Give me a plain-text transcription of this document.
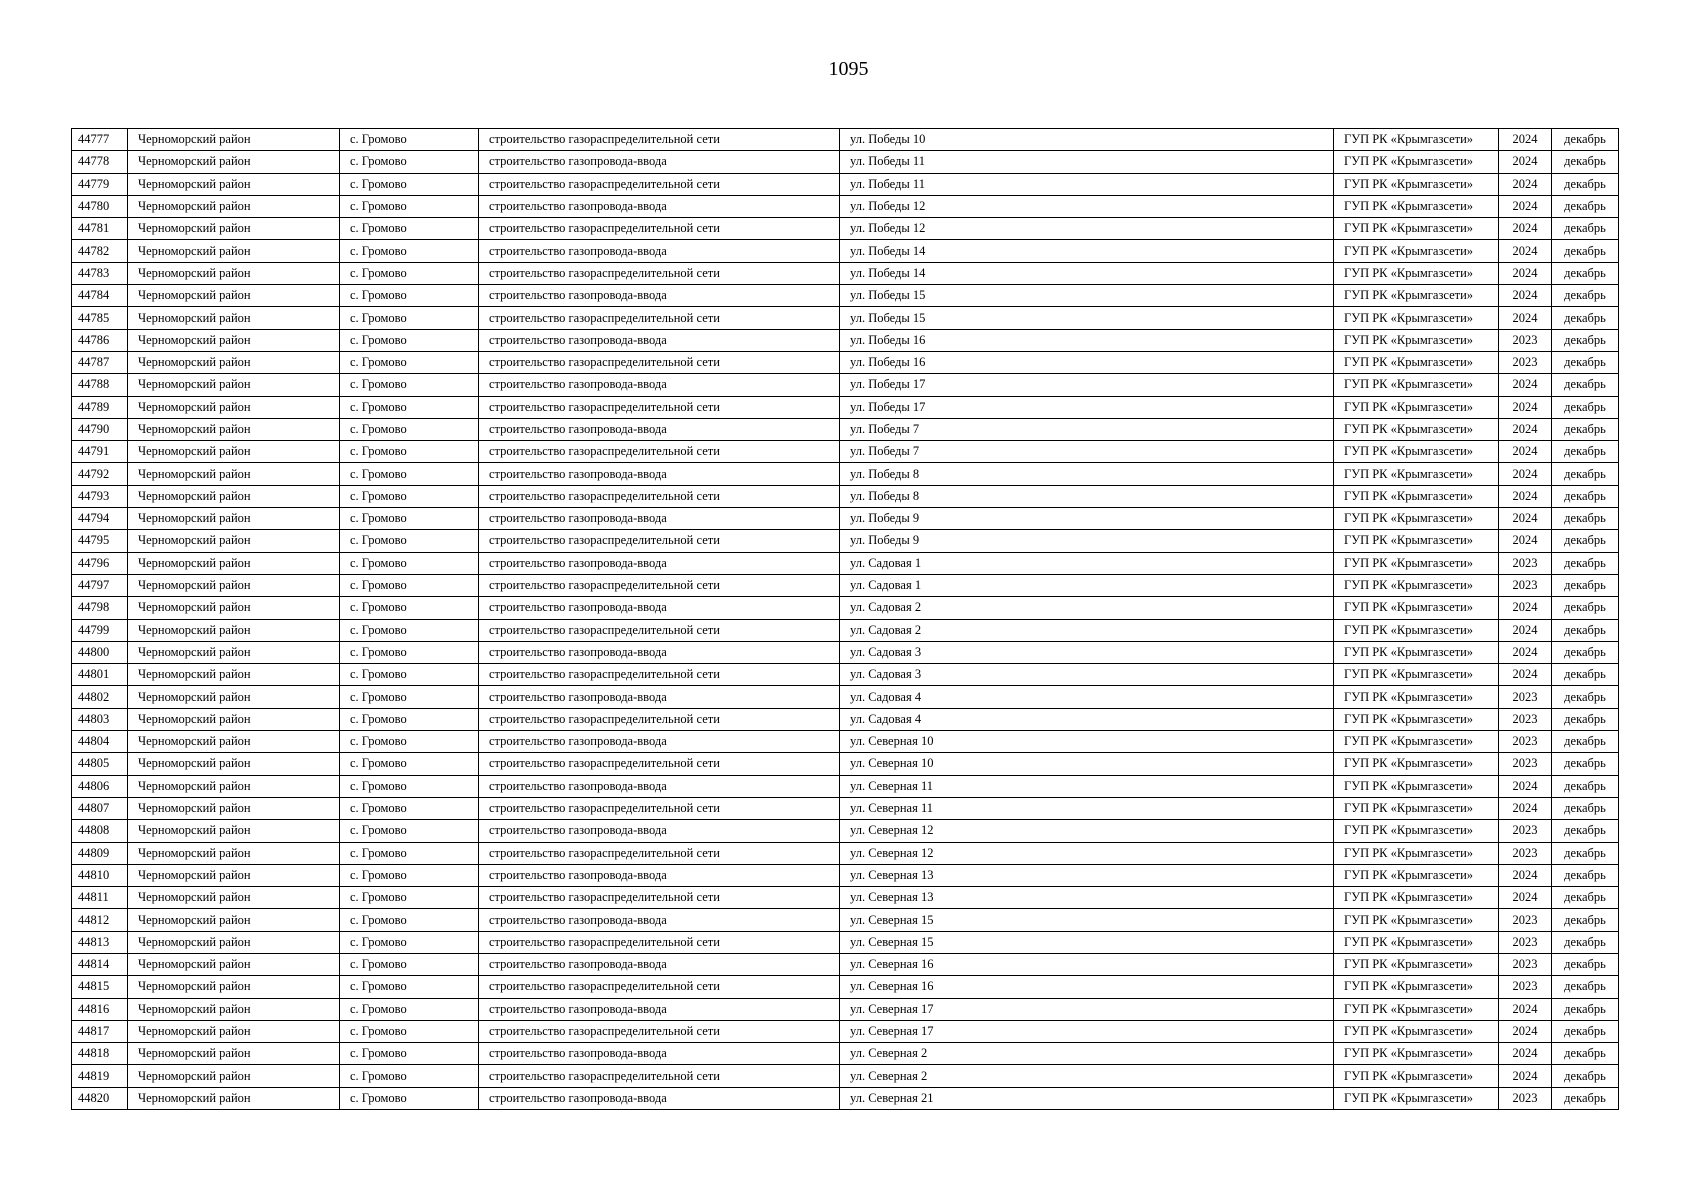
1095
44777	Черноморский район	с. Громово	строительство газораспределительной сети	ул. Победы 10	ГУП РК «Крымгазсети»	2024	декабрь
44778	Черноморский район	с. Громово	строительство газопровода-ввода	ул. Победы 11	ГУП РК «Крымгазсети»	2024	декабрь
44779	Черноморский район	с. Громово	строительство газораспределительной сети	ул. Победы 11	ГУП РК «Крымгазсети»	2024	декабрь
44780	Черноморский район	с. Громово	строительство газопровода-ввода	ул. Победы 12	ГУП РК «Крымгазсети»	2024	декабрь
44781	Черноморский район	с. Громово	строительство газораспределительной сети	ул. Победы 12	ГУП РК «Крымгазсети»	2024	декабрь
44782	Черноморский район	с. Громово	строительство газопровода-ввода	ул. Победы 14	ГУП РК «Крымгазсети»	2024	декабрь
44783	Черноморский район	с. Громово	строительство газораспределительной сети	ул. Победы 14	ГУП РК «Крымгазсети»	2024	декабрь
44784	Черноморский район	с. Громово	строительство газопровода-ввода	ул. Победы 15	ГУП РК «Крымгазсети»	2024	декабрь
44785	Черноморский район	с. Громово	строительство газораспределительной сети	ул. Победы 15	ГУП РК «Крымгазсети»	2024	декабрь
44786	Черноморский район	с. Громово	строительство газопровода-ввода	ул. Победы 16	ГУП РК «Крымгазсети»	2023	декабрь
44787	Черноморский район	с. Громово	строительство газораспределительной сети	ул. Победы 16	ГУП РК «Крымгазсети»	2023	декабрь
44788	Черноморский район	с. Громово	строительство газопровода-ввода	ул. Победы 17	ГУП РК «Крымгазсети»	2024	декабрь
44789	Черноморский район	с. Громово	строительство газораспределительной сети	ул. Победы 17	ГУП РК «Крымгазсети»	2024	декабрь
44790	Черноморский район	с. Громово	строительство газопровода-ввода	ул. Победы 7	ГУП РК «Крымгазсети»	2024	декабрь
44791	Черноморский район	с. Громово	строительство газораспределительной сети	ул. Победы 7	ГУП РК «Крымгазсети»	2024	декабрь
44792	Черноморский район	с. Громово	строительство газопровода-ввода	ул. Победы 8	ГУП РК «Крымгазсети»	2024	декабрь
44793	Черноморский район	с. Громово	строительство газораспределительной сети	ул. Победы 8	ГУП РК «Крымгазсети»	2024	декабрь
44794	Черноморский район	с. Громово	строительство газопровода-ввода	ул. Победы 9	ГУП РК «Крымгазсети»	2024	декабрь
44795	Черноморский район	с. Громово	строительство газораспределительной сети	ул. Победы 9	ГУП РК «Крымгазсети»	2024	декабрь
44796	Черноморский район	с. Громово	строительство газопровода-ввода	ул. Садовая 1	ГУП РК «Крымгазсети»	2023	декабрь
44797	Черноморский район	с. Громово	строительство газораспределительной сети	ул. Садовая 1	ГУП РК «Крымгазсети»	2023	декабрь
44798	Черноморский район	с. Громово	строительство газопровода-ввода	ул. Садовая 2	ГУП РК «Крымгазсети»	2024	декабрь
44799	Черноморский район	с. Громово	строительство газораспределительной сети	ул. Садовая 2	ГУП РК «Крымгазсети»	2024	декабрь
44800	Черноморский район	с. Громово	строительство газопровода-ввода	ул. Садовая 3	ГУП РК «Крымгазсети»	2024	декабрь
44801	Черноморский район	с. Громово	строительство газораспределительной сети	ул. Садовая 3	ГУП РК «Крымгазсети»	2024	декабрь
44802	Черноморский район	с. Громово	строительство газопровода-ввода	ул. Садовая 4	ГУП РК «Крымгазсети»	2023	декабрь
44803	Черноморский район	с. Громово	строительство газораспределительной сети	ул. Садовая 4	ГУП РК «Крымгазсети»	2023	декабрь
44804	Черноморский район	с. Громово	строительство газопровода-ввода	ул. Северная 10	ГУП РК «Крымгазсети»	2023	декабрь
44805	Черноморский район	с. Громово	строительство газораспределительной сети	ул. Северная 10	ГУП РК «Крымгазсети»	2023	декабрь
44806	Черноморский район	с. Громово	строительство газопровода-ввода	ул. Северная 11	ГУП РК «Крымгазсети»	2024	декабрь
44807	Черноморский район	с. Громово	строительство газораспределительной сети	ул. Северная 11	ГУП РК «Крымгазсети»	2024	декабрь
44808	Черноморский район	с. Громово	строительство газопровода-ввода	ул. Северная 12	ГУП РК «Крымгазсети»	2023	декабрь
44809	Черноморский район	с. Громово	строительство газораспределительной сети	ул. Северная 12	ГУП РК «Крымгазсети»	2023	декабрь
44810	Черноморский район	с. Громово	строительство газопровода-ввода	ул. Северная 13	ГУП РК «Крымгазсети»	2024	декабрь
44811	Черноморский район	с. Громово	строительство газораспределительной сети	ул. Северная 13	ГУП РК «Крымгазсети»	2024	декабрь
44812	Черноморский район	с. Громово	строительство газопровода-ввода	ул. Северная 15	ГУП РК «Крымгазсети»	2023	декабрь
44813	Черноморский район	с. Громово	строительство газораспределительной сети	ул. Северная 15	ГУП РК «Крымгазсети»	2023	декабрь
44814	Черноморский район	с. Громово	строительство газопровода-ввода	ул. Северная 16	ГУП РК «Крымгазсети»	2023	декабрь
44815	Черноморский район	с. Громово	строительство газораспределительной сети	ул. Северная 16	ГУП РК «Крымгазсети»	2023	декабрь
44816	Черноморский район	с. Громово	строительство газопровода-ввода	ул. Северная 17	ГУП РК «Крымгазсети»	2024	декабрь
44817	Черноморский район	с. Громово	строительство газораспределительной сети	ул. Северная 17	ГУП РК «Крымгазсети»	2024	декабрь
44818	Черноморский район	с. Громово	строительство газопровода-ввода	ул. Северная 2	ГУП РК «Крымгазсети»	2024	декабрь
44819	Черноморский район	с. Громово	строительство газораспределительной сети	ул. Северная 2	ГУП РК «Крымгазсети»	2024	декабрь
44820	Черноморский район	с. Громово	строительство газопровода-ввода	ул. Северная 21	ГУП РК «Крымгазсети»	2023	декабрь
